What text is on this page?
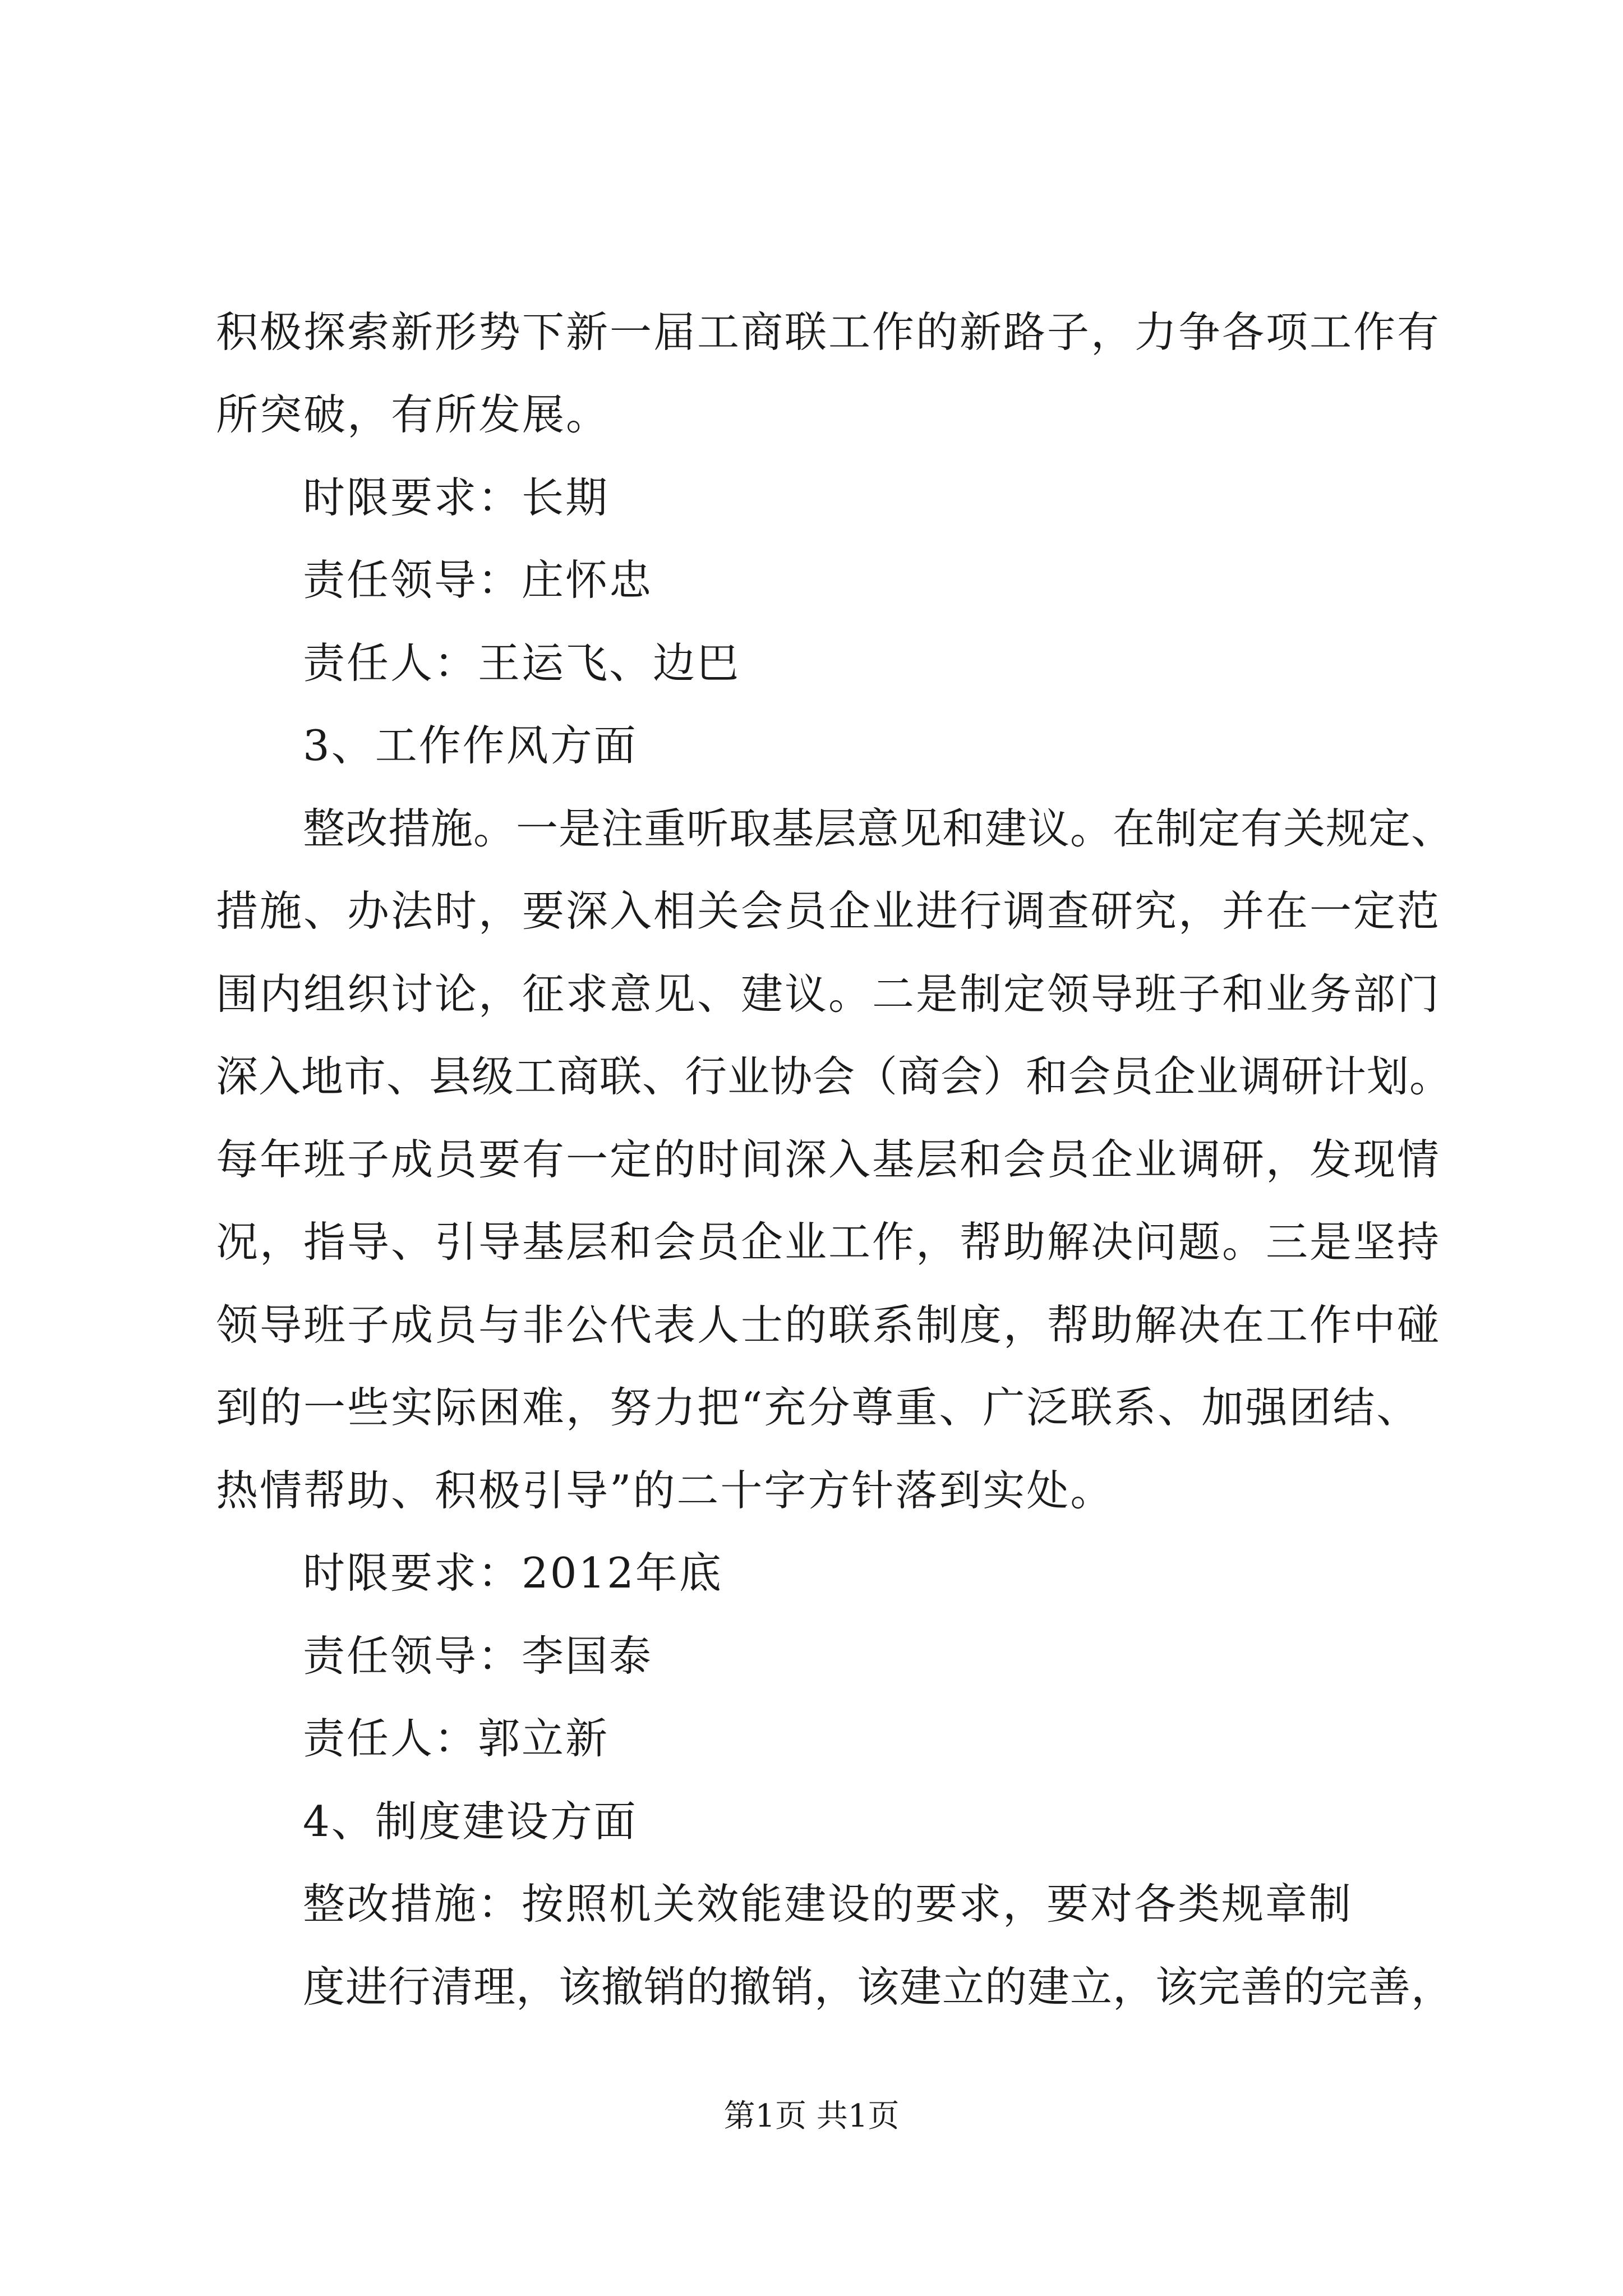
积极探索新形势下新一届工商联工作的新路子，力争各项工作有
所突破，有所发展。
时限要求：长期
责任领导：庄怀忠
责任人：王运飞、边巴
3、工作作风方面
整改措施。一是注重听取基层意见和建议。在制定有关规定、
措施、办法时，要深入相关会员企业进行调查研究，并在一定范
围内组织讨论，征求意见、建议。二是制定领导班子和业务部门
深入地市、县级工商联、行业协会（商会）和会员企业调研计划。
每年班子成员要有一定的时间深入基层和会员企业调研，发现情
况，指导、引导基层和会员企业工作，帮助解决问题。三是坚持
领导班子成员与非公代表人士的联系制度，帮助解决在工作中碰
到的一些实际困难，努力把“充分尊重、广泛联系、加强团结、
热情帮助、积极引导”的二十字方针落到实处。
时限要求：2012年底
责任领导：李国泰
责任人：郭立新
4、制度建设方面
整改措施：按照机关效能建设的要求，要对各类规章制
度进行清理，该撤销的撤销，该建立的建立，该完善的完善，
第1页 共1页
